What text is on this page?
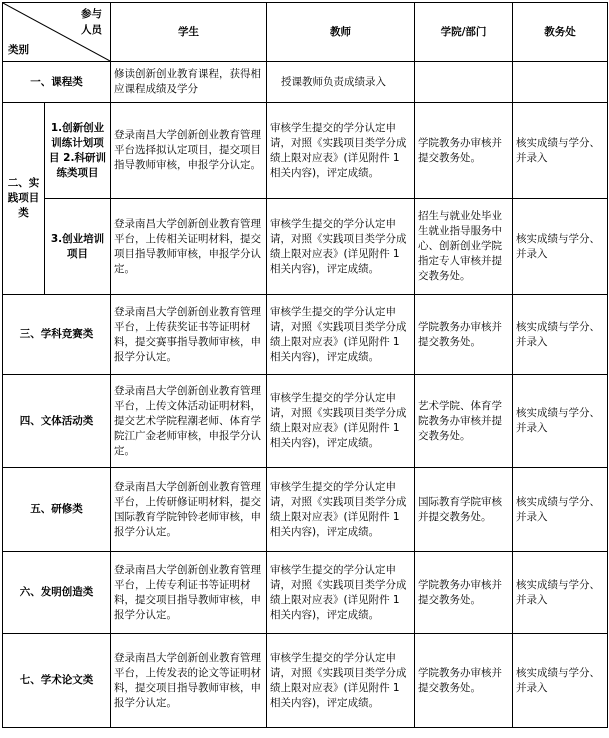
参与
人员
类别		学生	教师	学院/部门	教务处
一、课程类		修读创新创业教育课程，获得相应课程成绩及学分	授课教师负责成绩录入		
二、实践项目类	1.创新创业训练计划项目 2.科研训练类项目	登录南昌大学创新创业教育管理平台选择拟认定项目，提交项目指导教师审核，申报学分认定。	审核学生提交的学分认定申请，对照《实践项目类学分成绩上限对应表》(详见附件 1 相关内容)，评定成绩。	学院教务办审核并提交教务处。	核实成绩与学分、并录入
	3.创业培训项目	登录南昌大学创新创业教育管理平台，上传相关证明材料，提交项目指导教师审核，申报学分认定。	审核学生提交的学分认定申请，对照《实践项目类学分成绩上限对应表》(详见附件 1 相关内容)，评定成绩。	招生与就业处毕业生就业指导服务中心、创新创业学院指定专人审核并提交教务处。	核实成绩与学分、并录入
三、学科竞赛类		登录南昌大学创新创业教育管理平台，上传获奖证书等证明材料，提交赛事指导教师审核，申报学分认定。	审核学生提交的学分认定申请，对照《实践项目类学分成绩上限对应表》(详见附件 1 相关内容)，评定成绩。	学院教务办审核并提交教务处。	核实成绩与学分、并录入
四、文体活动类		登录南昌大学创新创业教育管理平台，上传文体活动证明材料，提交艺术学院程潮老师、体育学院江广金老师审核，申报学分认定。	审核学生提交的学分认定申请，对照《实践项目类学分成绩上限对应表》(详见附件 1 相关内容)，评定成绩。	艺术学院、体育学院教务办审核并提交教务处。	核实成绩与学分、并录入
五、研修类		登录南昌大学创新创业教育管理平台，上传研修证明材料，提交国际教育学院钟铃老师审核，申报学分认定。	审核学生提交的学分认定申请，对照《实践项目类学分成绩上限对应表》(详见附件 1 相关内容)，评定成绩。	国际教育学院审核并提交教务处。	核实成绩与学分、并录入
六、发明创造类		登录南昌大学创新创业教育管理平台，上传专利证书等证明材料，提交项目指导教师审核，申报学分认定。	审核学生提交的学分认定申请，对照《实践项目类学分成绩上限对应表》(详见附件 1 相关内容)，评定成绩。	学院教务办审核并提交教务处。	核实成绩与学分、并录入
七、学术论文类		登录南昌大学创新创业教育管理平台，上传发表的论文等证明材料，提交项目指导教师审核，申报学分认定。	审核学生提交的学分认定申请，对照《实践项目类学分成绩上限对应表》(详见附件 1 相关内容)，评定成绩。	学院教务办审核并提交教务处。	核实成绩与学分、并录入
